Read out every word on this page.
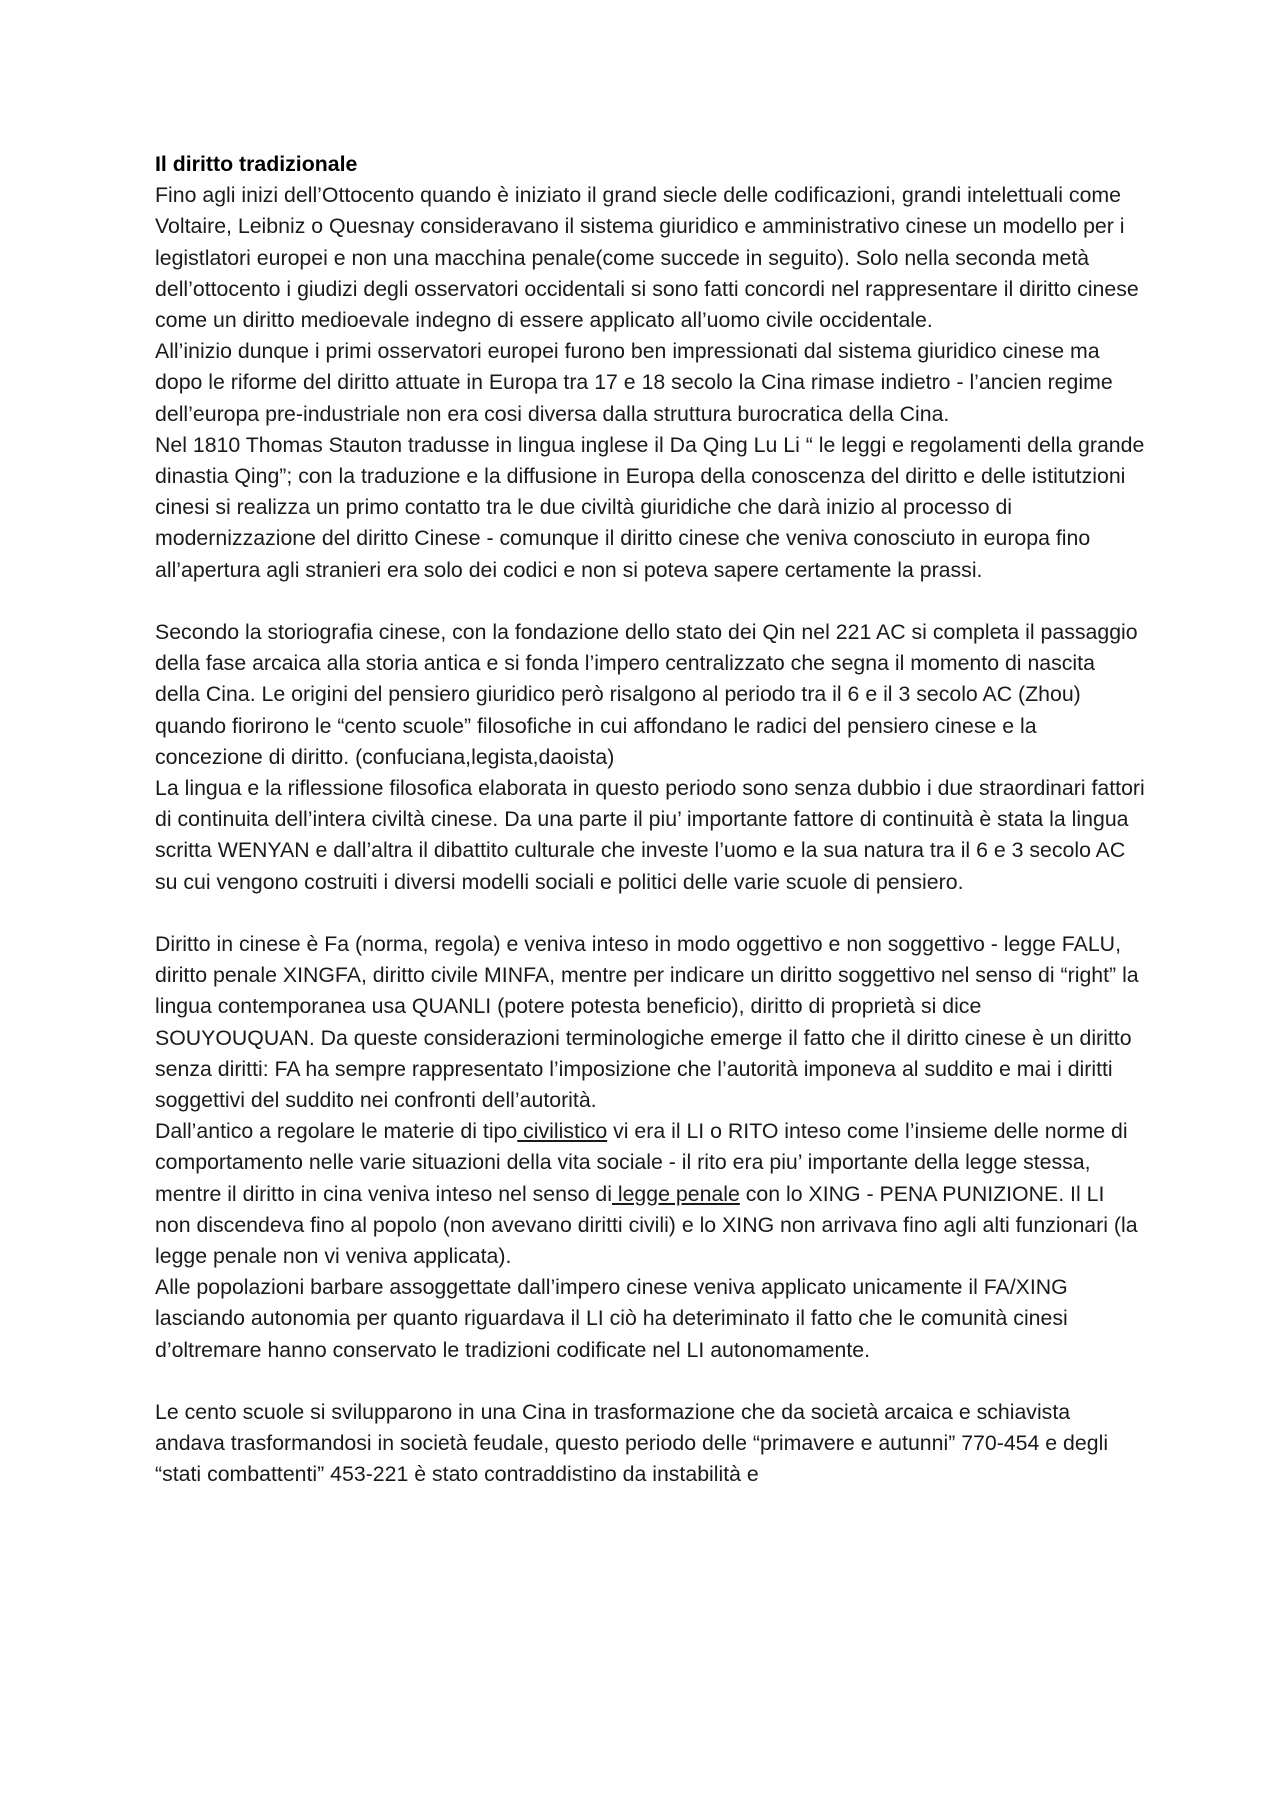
Il diritto tradizionale

Fino agli inizi dell’Ottocento quando è iniziato il grand siecle delle codificazioni, grandi intelettuali come Voltaire, Leibniz o Quesnay consideravano il sistema giuridico e amministrativo cinese un modello per i legistlatori europei e non una macchina penale(come succede in seguito). Solo nella seconda metà dell’ottocento i giudizi degli osservatori occidentali si sono fatti concordi nel rappresentare il diritto cinese come un diritto medioevale indegno di essere applicato all’uomo civile occidentale.

All’inizio dunque i primi osservatori europei furono ben impressionati dal sistema giuridico cinese ma dopo le riforme del diritto attuate in Europa tra 17 e 18 secolo la Cina rimase indietro - l’ancien regime dell’europa pre-industriale non era cosi diversa dalla struttura burocratica della Cina.

Nel 1810 Thomas Stauton tradusse in lingua inglese il Da Qing Lu Li “ le leggi e regolamenti della grande dinastia Qing”; con la traduzione e la diffusione in Europa della conoscenza del diritto e delle istitutzioni cinesi si realizza un primo contatto tra le due civiltà giuridiche che darà inizio al processo di modernizzazione del diritto Cinese - comunque il diritto cinese che veniva conosciuto in europa fino all’apertura agli stranieri era solo dei codici e non si poteva sapere certamente la prassi.

Secondo la storiografia cinese, con la fondazione dello stato dei Qin nel 221 AC si completa il passaggio della fase arcaica alla storia antica e si fonda l’impero centralizzato che segna il momento di nascita della Cina. Le origini del pensiero giuridico però risalgono al periodo tra il 6 e il 3 secolo AC (Zhou) quando fiorirono le “cento scuole” filosofiche in cui affondano le radici del pensiero cinese e la concezione di diritto. (confuciana,legista,daoista)

La lingua e la riflessione filosofica elaborata in questo periodo sono senza dubbio i due straordinari fattori di continuita dell’intera civiltà cinese. Da una parte il piu’ importante fattore di continuità è stata la lingua scritta WENYAN e dall’altra il dibattito culturale che investe l’uomo e la sua natura tra il 6 e 3 secolo AC su cui vengono costruiti i diversi modelli sociali e politici delle varie scuole di pensiero.

Diritto in cinese è Fa (norma, regola) e veniva inteso in modo oggettivo e non soggettivo - legge FALU, diritto penale XINGFA, diritto civile MINFA, mentre per indicare un diritto soggettivo nel senso di “right” la lingua contemporanea usa QUANLI (potere potesta beneficio), diritto di proprietà si dice SOUYOUQUAN. Da queste considerazioni terminologiche emerge il fatto che il diritto cinese è un diritto senza diritti: FA ha sempre rappresentato l’imposizione che l’autorità imponeva al suddito e mai i diritti soggettivi del suddito nei confronti dell’autorità.

Dall’antico a regolare le materie di tipo civilistico vi era il LI o RITO inteso come l’insieme delle norme di comportamento nelle varie situazioni della vita sociale - il rito era piu’ importante della legge stessa, mentre il diritto in cina veniva inteso nel senso di legge penale con lo XING - PENA PUNIZIONE. Il LI non discendeva fino al popolo (non avevano diritti civili) e lo XING non arrivava fino agli alti funzionari (la legge penale non vi veniva applicata).

Alle popolazioni barbare assoggettate dall’impero cinese veniva applicato unicamente il FA/XING lasciando autonomia per quanto riguardava il LI ciò ha deteriminato il fatto che le comunità cinesi d’oltremare hanno conservato le tradizioni codificate nel LI autonomamente.

Le cento scuole si svilupparono in una Cina in trasformazione che da società arcaica e schiavista andava trasformandosi in società feudale, questo periodo delle “primavere e autunni” 770-454 e degli “stati combattenti” 453-221 è stato contraddistino da instabilità e
